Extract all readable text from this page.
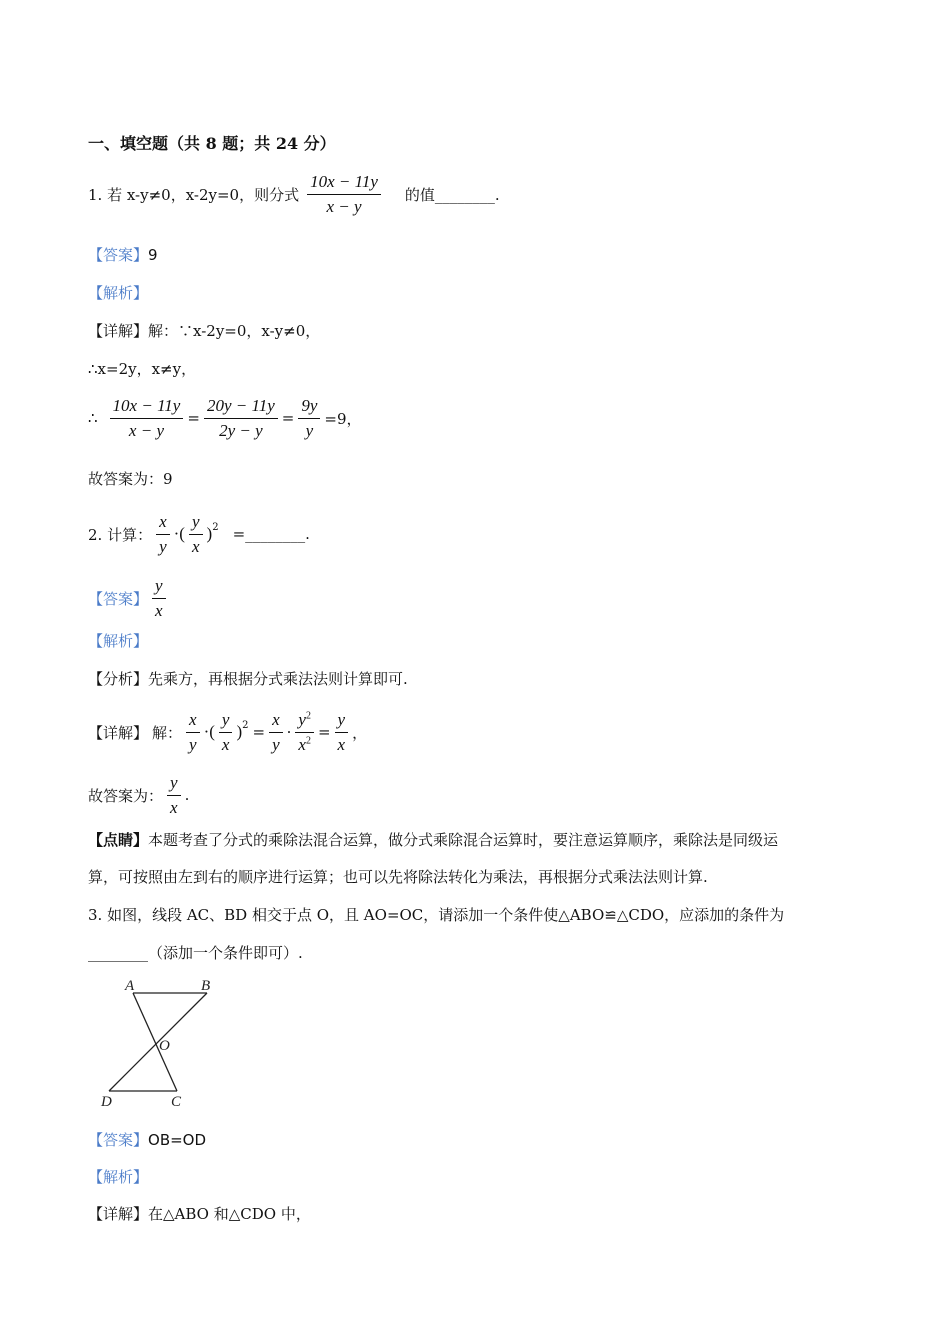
一、填空题（共 8 题；共 24 分）
1. 若 x-y≠0，x-2y=0，则分式 $\frac{10x - 11y}{x - y}$ 的值________.
【答案】9
【解析】
【详解】解：∵x-2y=0，x-y≠0，
∴x=2y，x≠y，
∴ $\frac{10x - 11y}{x - y} = \frac{20y - 11y}{2y - y} = \frac{9y}{y} =9$，
故答案为：9
2. 计算： $\frac{x}{y}$ ·( $\frac{y}{x}$ ) 2 =________.
【答案】 $\frac{y}{x}$
【解析】
【分析】先乘方，再根据分式乘法法则计算即可.
【详解】 解： $\frac{x}{y}$ ·( $\frac{y}{x}$ ) $2 = \frac{x}{y} \cdot \frac{y^2}{x^2} = \frac{y}{x}$ ，
故答案为： $\frac{y}{x}$ .
【点睛】本题考查了分式的乘除法混合运算，做分式乘除混合运算时，要注意运算顺序，乘除法是同级运
算，可按照由左到右的顺序进行运算；也可以先将除法转化为乘法，再根据分式乘法法则计算.
3. 如图，线段 AC、BD 相交于点 O，且 AO=OC，请添加一个条件使△ABO≌△CDO，应添加的条件为
________（添加一个条件即可）.
A	B
O
D	C
【答案】OB=OD
【解析】
【详解】在△ABO 和△CDO 中，
